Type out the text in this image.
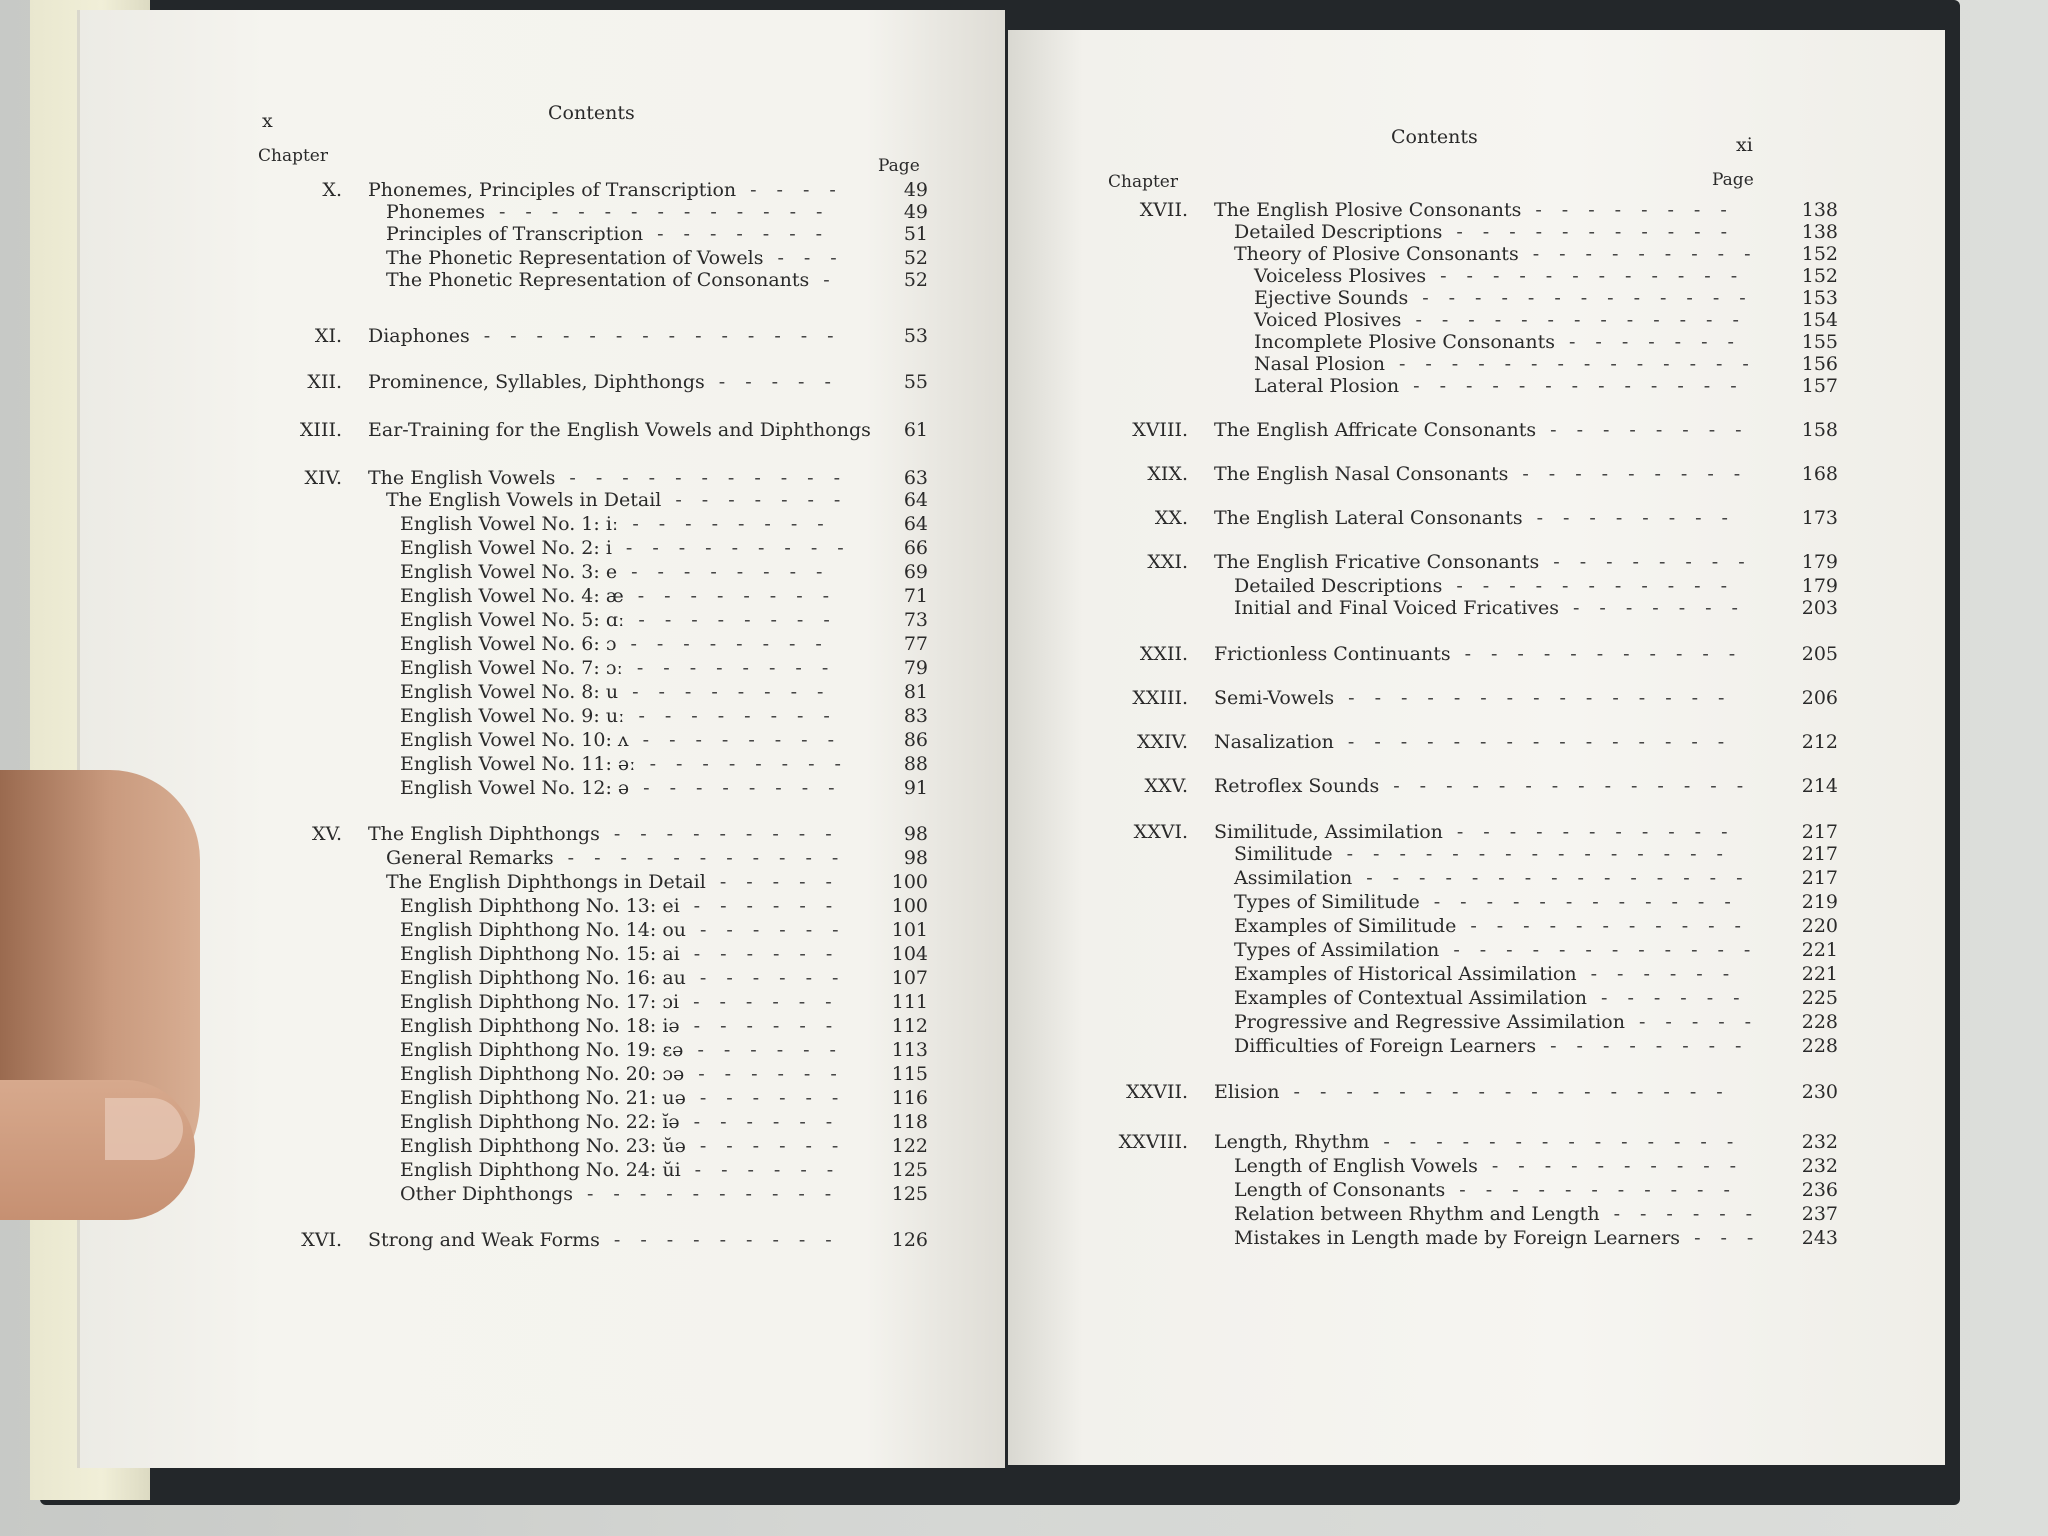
x	Contents
Chapter	Page
X. Phonemes, Principles of Transcription ----	49
Phonemes -------------	49
Principles of Transcription -------	51
The Phonetic Representation of Vowels ---	52
The Phonetic Representation of Consonants -	52
XI. Diaphones --------------	53
XII. Prominence, Syllables, Diphthongs -----	55
XIII. Ear-Training for the English Vowels and Diphthongs	61
XIV. The English Vowels -----------	63
The English Vowels in Detail -------	64
English Vowel No. 1: iː --------	64
English Vowel No. 2: i ---------	66
English Vowel No. 3: e --------	69
English Vowel No. 4: æ --------	71
English Vowel No. 5: ɑː --------	73
English Vowel No. 6: ɔ --------	77
English Vowel No. 7: ɔː --------	79
English Vowel No. 8: u --------	81
English Vowel No. 9: uː --------	83
English Vowel No. 10: ʌ --------	86
English Vowel No. 11: əː --------	88
English Vowel No. 12: ə --------	91
XV. The English Diphthongs ---------	98
General Remarks -----------	98
The English Diphthongs in Detail -----	100
English Diphthong No. 13: ei ------	100
English Diphthong No. 14: ou ------	101
English Diphthong No. 15: ai ------	104
English Diphthong No. 16: au ------	107
English Diphthong No. 17: ɔi ------	111
English Diphthong No. 18: iə ------	112
English Diphthong No. 19: ɛə ------	113
English Diphthong No. 20: ɔə ------	115
English Diphthong No. 21: uə ------	116
English Diphthong No. 22: ĭə ------	118
English Diphthong No. 23: ŭə ------	122
English Diphthong No. 24: ŭi ------	125
Other Diphthongs ----------	125
XVI. Strong and Weak Forms ---------	126
Contents	xi
Chapter	Page
XVII. The English Plosive Consonants --------	138
Detailed Descriptions -----------	138
Theory of Plosive Consonants ---------	152
Voiceless Plosives ------------	152
Ejective Sounds -------------	153
Voiced Plosives -------------	154
Incomplete Plosive Consonants -------	155
Nasal Plosion --------------	156
Lateral Plosion -------------	157
XVIII. The English Affricate Consonants --------	158
XIX. The English Nasal Consonants ---------	168
XX. The English Lateral Consonants --------	173
XXI. The English Fricative Consonants --------	179
Detailed Descriptions -----------	179
Initial and Final Voiced Fricatives -------	203
XXII. Frictionless Continuants -----------	205
XXIII. Semi-Vowels ---------------	206
XXIV. Nasalization ---------------	212
XXV. Retroflex Sounds --------------	214
XXVI. Similitude, Assimilation -----------	217
Similitude ---------------	217
Assimilation ---------------	217
Types of Similitude ------------	219
Examples of Similitude -----------	220
Types of Assimilation ------------	221
Examples of Historical Assimilation ------	221
Examples of Contextual Assimilation ------	225
Progressive and Regressive Assimilation -----	228
Difficulties of Foreign Learners --------	228
XXVII. Elision -----------------	230
XXVIII. Length, Rhythm --------------	232
Length of English Vowels ----------	232
Length of Consonants -----------	236
Relation between Rhythm and Length ------	237
Mistakes in Length made by Foreign Learners ---	243
